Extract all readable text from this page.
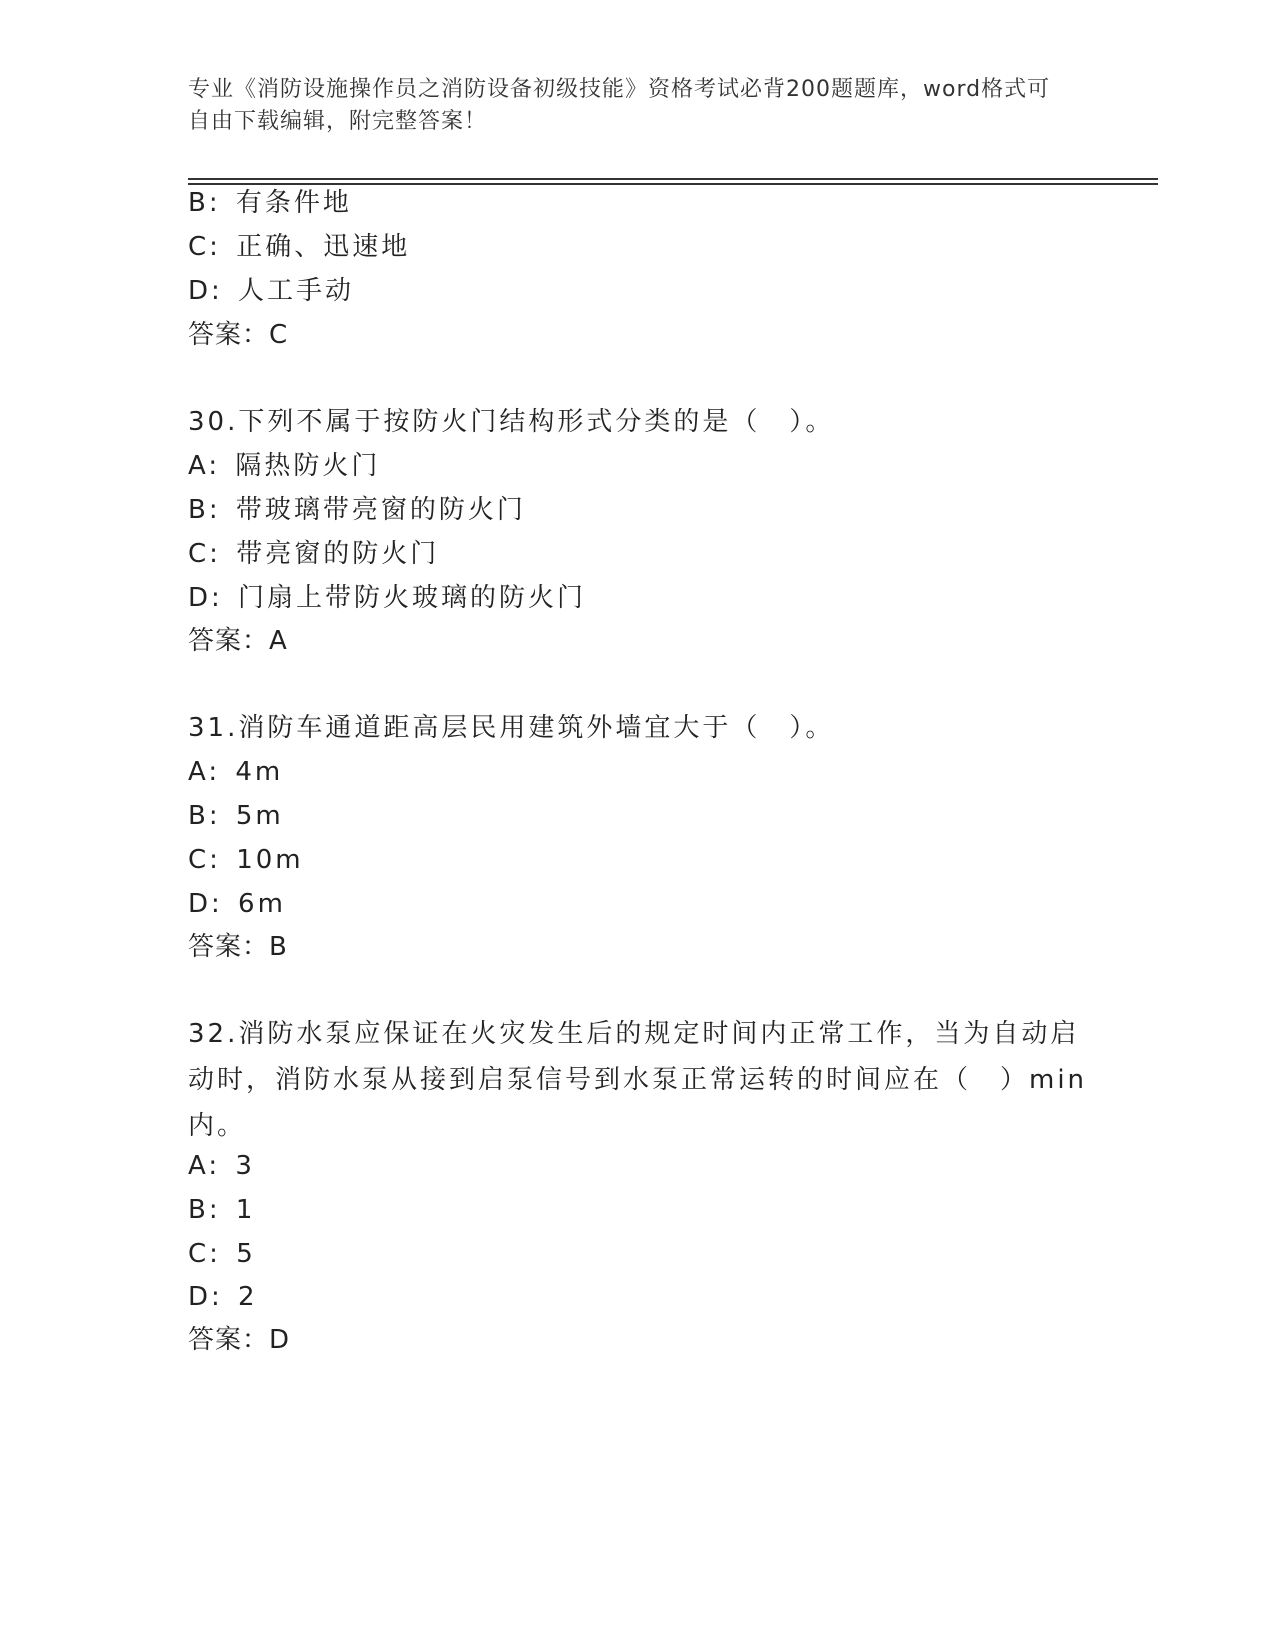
专业《消防设施操作员之消防设备初级技能》资格考试必背200题题库，word格式可自由下载编辑，附完整答案！
B: 有条件地
C: 正确、迅速地
D: 人工手动
答案：C
30.下列不属于按防火门结构形式分类的是（　）。
A: 隔热防火门
B: 带玻璃带亮窗的防火门
C: 带亮窗的防火门
D: 门扇上带防火玻璃的防火门
答案：A
31.消防车通道距高层民用建筑外墙宜大于（　）。
A: 4m
B: 5m
C: 10m
D: 6m
答案：B
32.消防水泵应保证在火灾发生后的规定时间内正常工作，当为自动启动时，消防水泵从接到启泵信号到水泵正常运转的时间应在（　）min内。
A: 3
B: 1
C: 5
D: 2
答案：D
